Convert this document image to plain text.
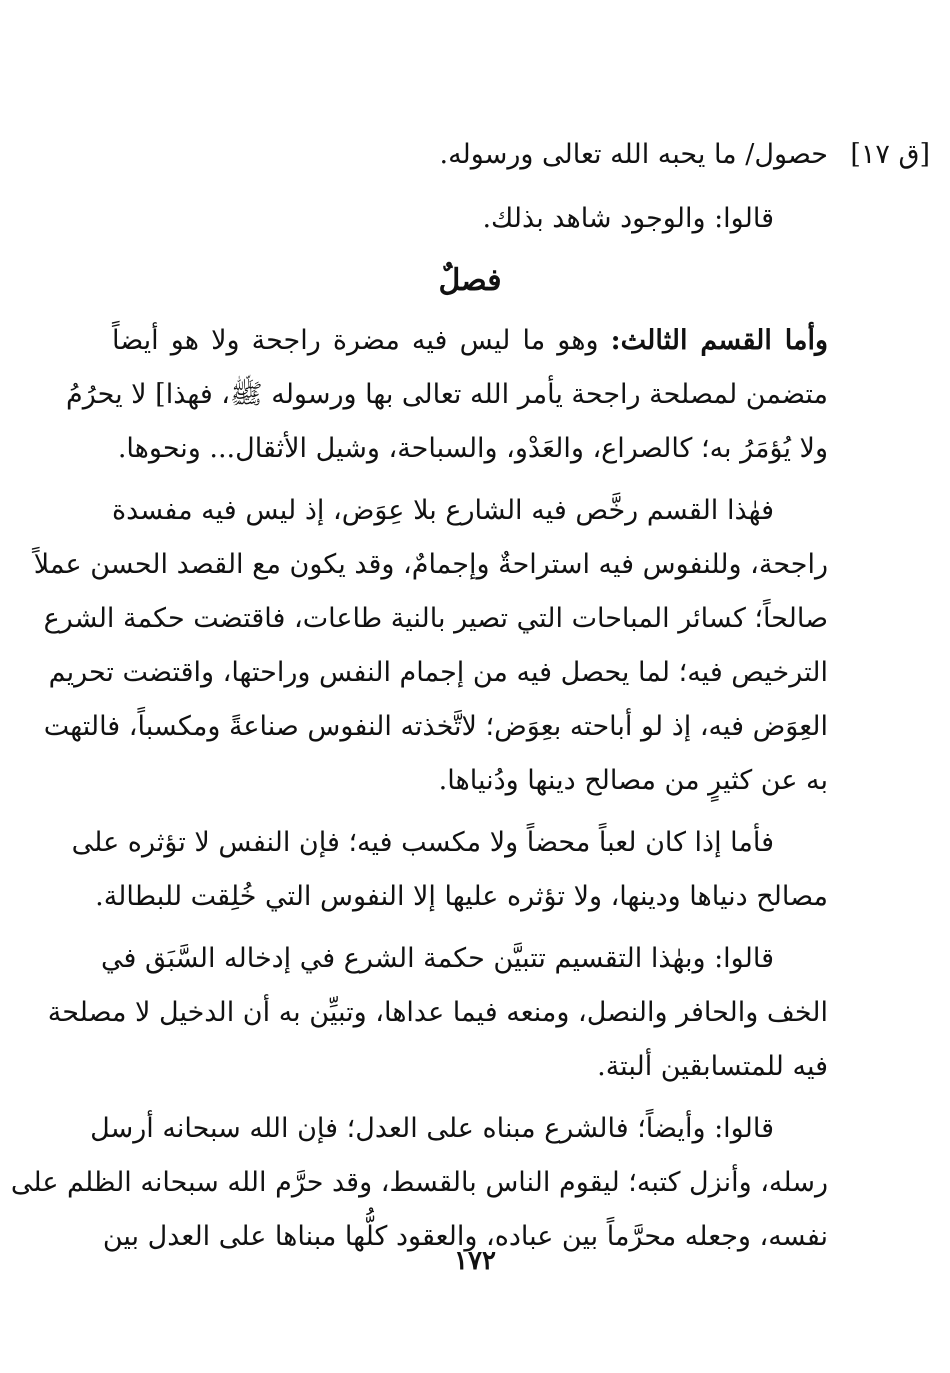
[ق ١٧]
حصول/ ما يحبه الله تعالى ورسوله.
قالوا: والوجود شاهد بذلك.
فصلٌ
وأما القسم الثالث: وهو ما ليس فيه مضرة راجحة ولا هو أيضاً
متضمن لمصلحة راجحة يأمر الله تعالى بها ورسوله ﷺ، فهذا] لا يحرُمُ
ولا يُؤمَرُ به؛ كالصراع، والعَدْو، والسباحة، وشيل الأثقال... ونحوها.
فهٰذا القسم رخَّص فيه الشارع بلا عِوَض، إذ ليس فيه مفسدة
راجحة، وللنفوس فيه استراحةٌ وإجمامٌ، وقد يكون مع القصد الحسن عملاً
صالحاً؛ كسائر المباحات التي تصير بالنية طاعات، فاقتضت حكمة الشرع
الترخيص فيه؛ لما يحصل فيه من إجمام النفس وراحتها، واقتضت تحريم
العِوَض فيه، إذ لو أباحته بعِوَض؛ لاتَّخذته النفوس صناعةً ومكسباً، فالتهت
به عن كثيرٍ من مصالح دينها ودُنياها.
فأما إذا كان لعباً محضاً ولا مكسب فيه؛ فإن النفس لا تؤثره على
مصالح دنياها ودينها، ولا تؤثره عليها إلا النفوس التي خُلِقت للبطالة.
قالوا: وبهٰذا التقسيم تتبيَّن حكمة الشرع في إدخاله السَّبَق في
الخف والحافر والنصل، ومنعه فيما عداها، وتبيِّن به أن الدخيل لا مصلحة
فيه للمتسابقين ألبتة.
قالوا: وأيضاً؛ فالشرع مبناه على العدل؛ فإن الله سبحانه أرسل
رسله، وأنزل كتبه؛ ليقوم الناس بالقسط، وقد حرَّم الله سبحانه الظلم على
نفسه، وجعله محرَّماً بين عباده، والعقود كلُّها مبناها على العدل بين
١٧٢
